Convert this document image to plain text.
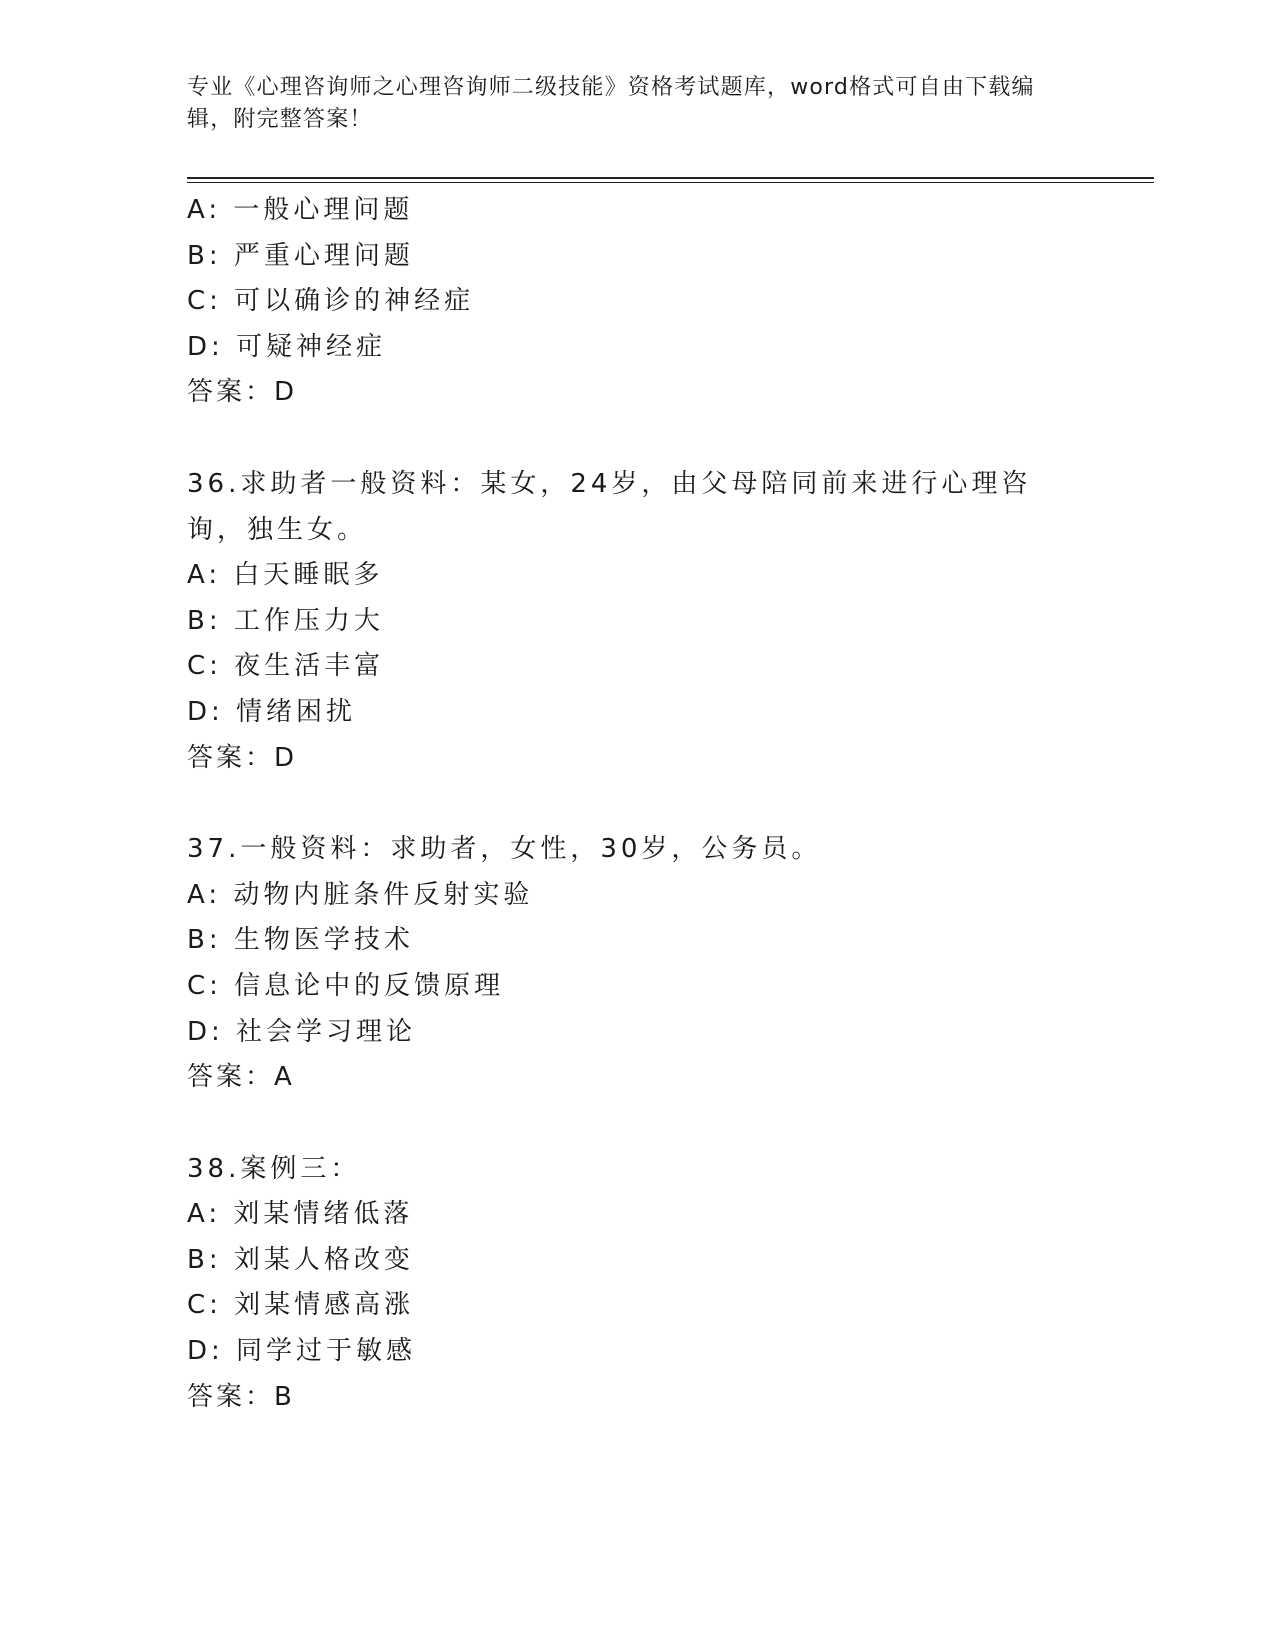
专业《心理咨询师之心理咨询师二级技能》资格考试题库，word格式可自由下载编辑，附完整答案！
A: 一般心理问题
B: 严重心理问题
C: 可以确诊的神经症
D: 可疑神经症
答案：D
36.求助者一般资料：某女，24岁，由父母陪同前来进行心理咨询，独生女。
A: 白天睡眠多
B: 工作压力大
C: 夜生活丰富
D: 情绪困扰
答案：D
37.一般资料：求助者，女性，30岁，公务员。
A: 动物内脏条件反射实验
B: 生物医学技术
C: 信息论中的反馈原理
D: 社会学习理论
答案：A
38.案例三：
A: 刘某情绪低落
B: 刘某人格改变
C: 刘某情感高涨
D: 同学过于敏感
答案：B
